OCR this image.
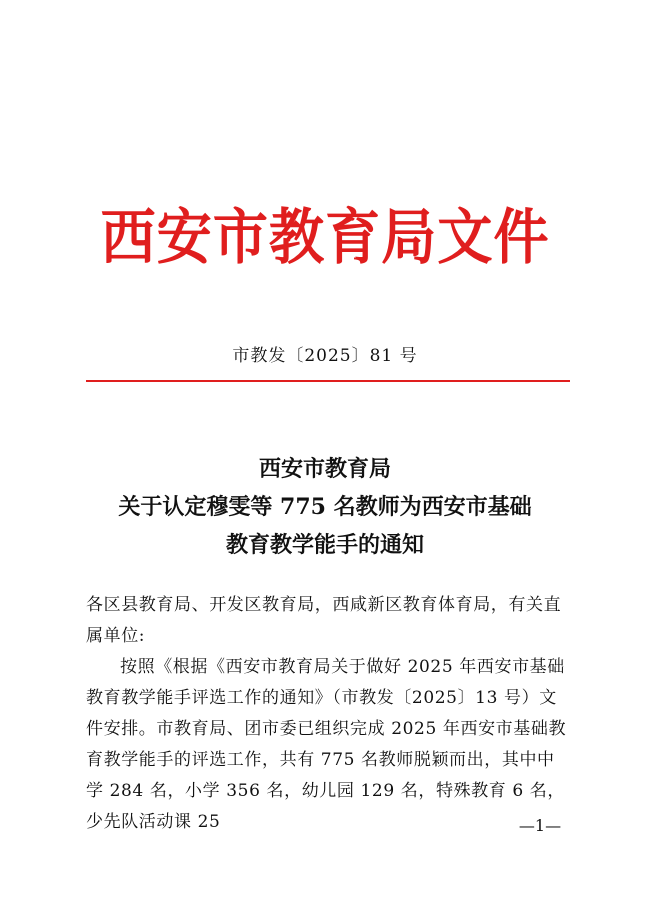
西安市教育局文件
市教发〔2025〕81 号
西安市教育局
关于认定穆雯等 775 名教师为西安市基础
教育教学能手的通知

各区县教育局、开发区教育局，西咸新区教育体育局，有关直属单位:

按照《根据《西安市教育局关于做好 2025 年西安市基础教育教学能手评选工作的通知》（市教发〔2025〕13 号）文件安排。市教育局、团市委已组织完成 2025 年西安市基础教育教学能手的评选工作，共有 775 名教师脱颖而出，其中中学 284 名，小学 356 名，幼儿园 129 名，特殊教育 6 名，少先队活动课 25	—1—
